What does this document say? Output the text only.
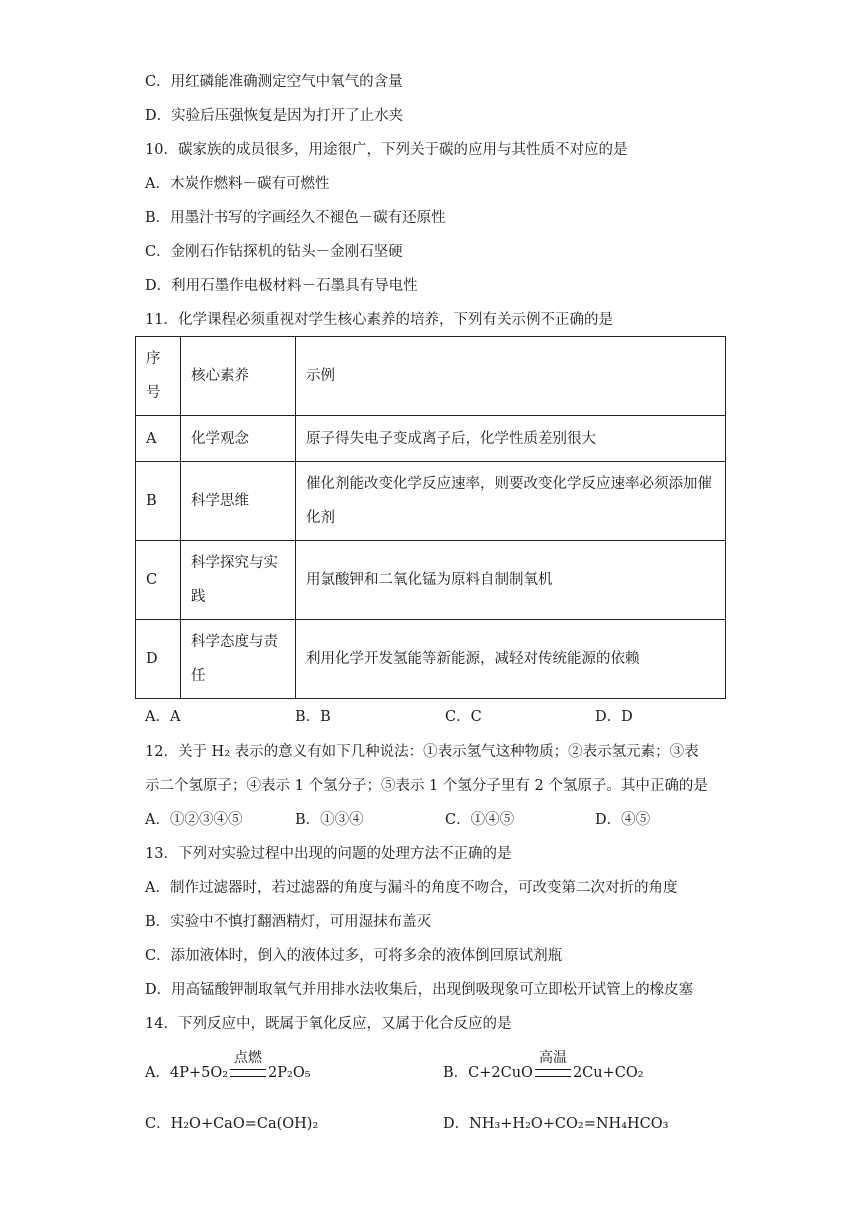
C．用红磷能准确测定空气中氧气的含量
D．实验后压强恢复是因为打开了止水夹
10．碳家族的成员很多，用途很广，下列关于碳的应用与其性质不对应的是
A．木炭作燃料－碳有可燃性
B．用墨汁书写的字画经久不褪色－碳有还原性
C．金刚石作钻探机的钻头－金刚石坚硬
D．利用石墨作电极材料－石墨具有导电性
11．化学课程必须重视对学生核心素养的培养，下列有关示例不正确的是
序号	核心素养	示例
A	化学观念	原子得失电子变成离子后，化学性质差别很大
B	科学思维	催化剂能改变化学反应速率，则要改变化学反应速率必须添加催化剂
C	科学探究与实践	用氯酸钾和二氧化锰为原料自制制氧机
D	科学态度与责任	利用化学开发氢能等新能源，减轻对传统能源的依赖
A．A	B．B	C．C	D．D
12．关于 H₂ 表示的意义有如下几种说法：①表示氢气这种物质；②表示氢元素；③表
示二个氢原子；④表示 1 个氢分子；⑤表示 1 个氢分子里有 2 个氢原子。其中正确的是
A．①②③④⑤	B．①③④	C．①④⑤	D．④⑤
13．下列对实验过程中出现的问题的处理方法不正确的是
A．制作过滤器时，若过滤器的角度与漏斗的角度不吻合，可改变第二次对折的角度
B．实验中不慎打翻酒精灯，可用湿抹布盖灭
C．添加液体时，倒入的液体过多，可将多余的液体倒回原试剂瓶
D．用高锰酸钾制取氧气并用排水法收集后，出现倒吸现象可立即松开试管上的橡皮塞
14．下列反应中，既属于氧化反应，又属于化合反应的是
A．4P+5O₂
点燃
2P₂O₅	B．C+2CuO
高温
2Cu+CO₂
C．H₂O+CaO=Ca(OH)₂	D．NH₃+H₂O+CO₂=NH₄HCO₃
